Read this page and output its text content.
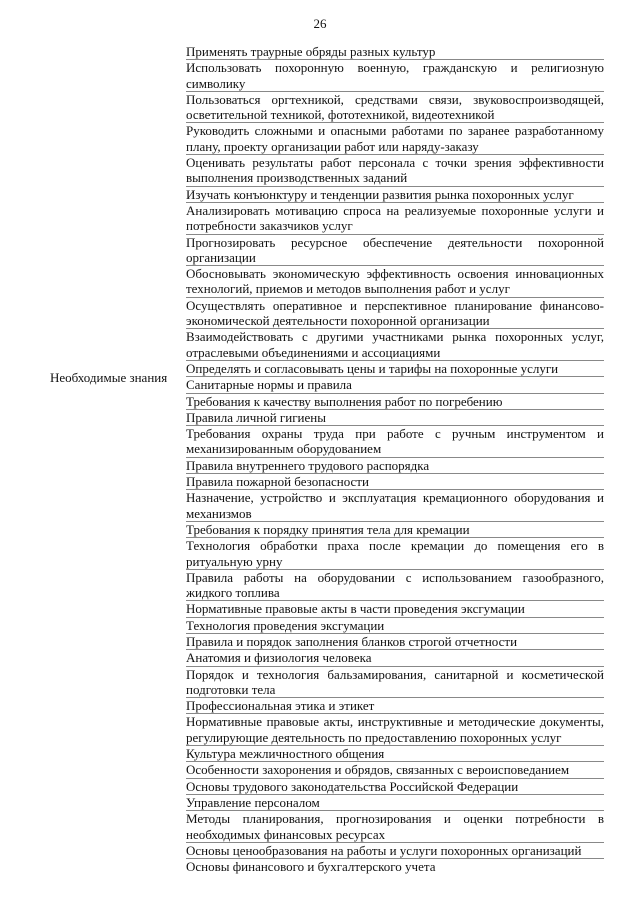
26
Необходимые знания
Применять траурные обряды разных культур
Использовать похоронную военную, гражданскую и религиозную символику
Пользоваться оргтехникой, средствами связи, звуковоспроизводящей, осветительной техникой, фототехникой, видеотехникой
Руководить сложными и опасными работами по заранее разработанному плану, проекту организации работ или наряду-заказу
Оценивать результаты работ персонала с точки зрения эффективности выполнения производственных заданий
Изучать конъюнктуру и тенденции развития рынка похоронных услуг
Анализировать мотивацию спроса на реализуемые похоронные услуги и потребности заказчиков услуг
Прогнозировать ресурсное обеспечение деятельности похоронной организации
Обосновывать экономическую эффективность освоения инновационных технологий, приемов и методов выполнения работ и услуг
Осуществлять оперативное и перспективное планирование финансово-экономической деятельности похоронной организации
Взаимодействовать с другими участниками рынка похоронных услуг, отраслевыми объединениями и ассоциациями
Определять и согласовывать цены и тарифы на похоронные услуги
Санитарные нормы и правила
Требования к качеству выполнения работ по погребению
Правила личной гигиены
Требования охраны труда при работе с ручным инструментом и механизированным оборудованием
Правила внутреннего трудового распорядка
Правила пожарной безопасности
Назначение, устройство и эксплуатация кремационного оборудования и механизмов
Требования к порядку принятия тела для кремации
Технология обработки праха после кремации до помещения его в ритуальную урну
Правила работы на оборудовании с использованием газообразного, жидкого топлива
Нормативные правовые акты в части проведения эксгумации
Технология проведения эксгумации
Правила и порядок заполнения бланков строгой отчетности
Анатомия и физиология человека
Порядок и технология бальзамирования, санитарной и косметической подготовки тела
Профессиональная этика и этикет
Нормативные правовые акты, инструктивные и методические документы, регулирующие деятельность по предоставлению похоронных услуг
Культура межличностного общения
Особенности захоронения и обрядов, связанных с вероисповеданием
Основы трудового законодательства Российской Федерации
Управление персоналом
Методы планирования, прогнозирования и оценки потребности в необходимых финансовых ресурсах
Основы ценообразования на работы и услуги похоронных организаций
Основы финансового и бухгалтерского учета
